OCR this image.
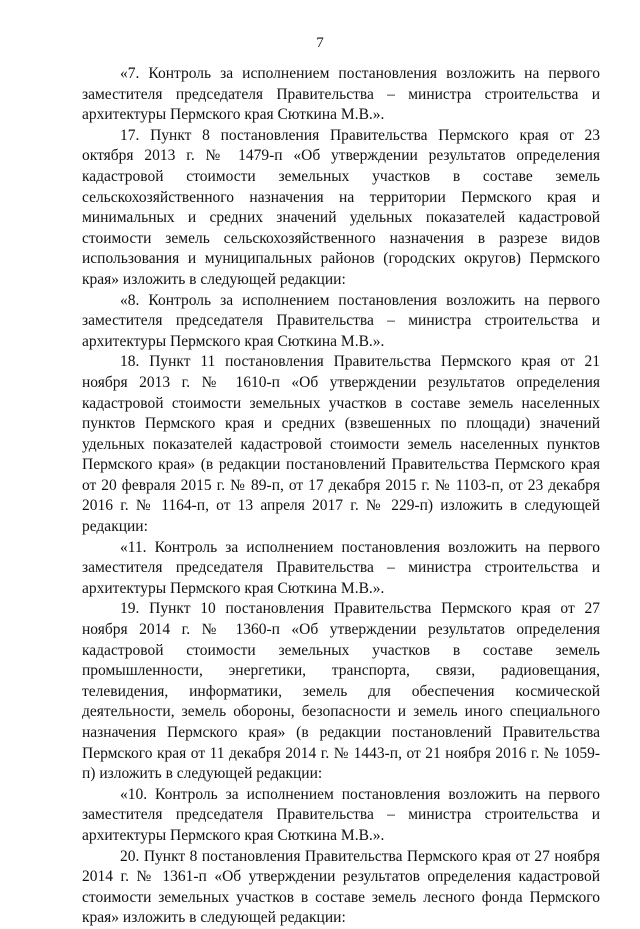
7

«7. Контроль за исполнением постановления возложить на первого заместителя председателя Правительства – министра строительства и архитектуры Пермского края Сюткина М.В.».

17. Пункт 8 постановления Правительства Пермского края от 23 октября 2013 г. № 1479-п «Об утверждении результатов определения кадастровой стоимости земельных участков в составе земель сельскохозяйственного назначения на территории Пермского края и минимальных и средних значений удельных показателей кадастровой стоимости земель сельскохозяйственного назначения в разрезе видов использования и муниципальных районов (городских округов) Пермского края» изложить в следующей редакции:

«8. Контроль за исполнением постановления возложить на первого заместителя председателя Правительства – министра строительства и архитектуры Пермского края Сюткина М.В.».

18. Пункт 11 постановления Правительства Пермского края от 21 ноября 2013 г. № 1610-п «Об утверждении результатов определения кадастровой стоимости земельных участков в составе земель населенных пунктов Пермского края и средних (взвешенных по площади) значений удельных показателей кадастровой стоимости земель населенных пунктов Пермского края» (в редакции постановлений Правительства Пермского края от 20 февраля 2015 г. № 89-п, от 17 декабря 2015 г. № 1103-п, от 23 декабря 2016 г. № 1164-п, от 13 апреля 2017 г. № 229-п) изложить в следующей редакции:

«11. Контроль за исполнением постановления возложить на первого заместителя председателя Правительства – министра строительства и архитектуры Пермского края Сюткина М.В.».

19. Пункт 10 постановления Правительства Пермского края от 27 ноября 2014 г. № 1360-п «Об утверждении результатов определения кадастровой стоимости земельных участков в составе земель промышленности, энергетики, транспорта, связи, радиовещания, телевидения, информатики, земель для обеспечения космической деятельности, земель обороны, безопасности и земель иного специального назначения Пермского края» (в редакции постановлений Правительства Пермского края от 11 декабря 2014 г. № 1443-п, от 21 ноября 2016 г. № 1059-п) изложить в следующей редакции:

«10. Контроль за исполнением постановления возложить на первого заместителя председателя Правительства – министра строительства и архитектуры Пермского края Сюткина М.В.».

20. Пункт 8 постановления Правительства Пермского края от 27 ноября 2014 г. № 1361-п «Об утверждении результатов определения кадастровой стоимости земельных участков в составе земель лесного фонда Пермского края» изложить в следующей редакции:
